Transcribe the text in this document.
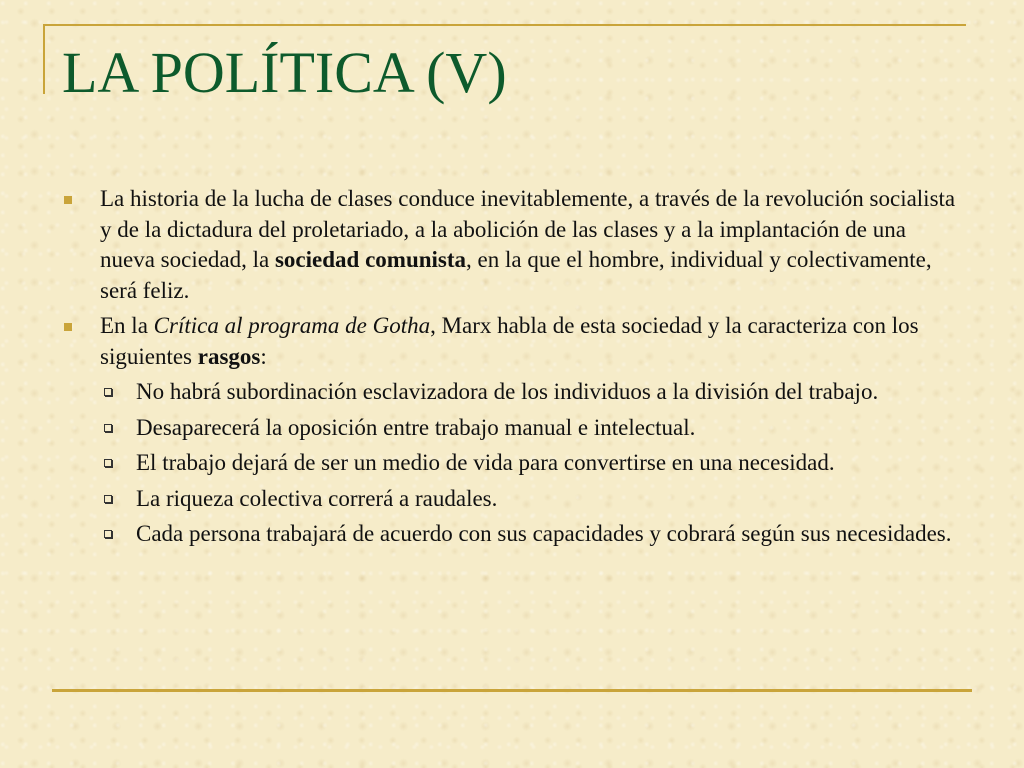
LA POLÍTICA (V)

La historia de la lucha de clases conduce inevitablemente, a través de la revolución socialista y de la dictadura del proletariado, a la abolición de las clases y a la implantación de una nueva sociedad, la sociedad comunista, en la que el hombre, individual y colectivamente, será feliz.

En la Crítica al programa de Gotha, Marx habla de esta sociedad y la caracteriza con los siguientes rasgos:

No habrá subordinación esclavizadora de los individuos a la división del trabajo.

Desaparecerá la oposición entre trabajo manual e intelectual.

El trabajo dejará de ser un medio de vida para convertirse en una necesidad.

La riqueza colectiva correrá a raudales.

Cada persona trabajará de acuerdo con sus capacidades y cobrará según sus necesidades.
